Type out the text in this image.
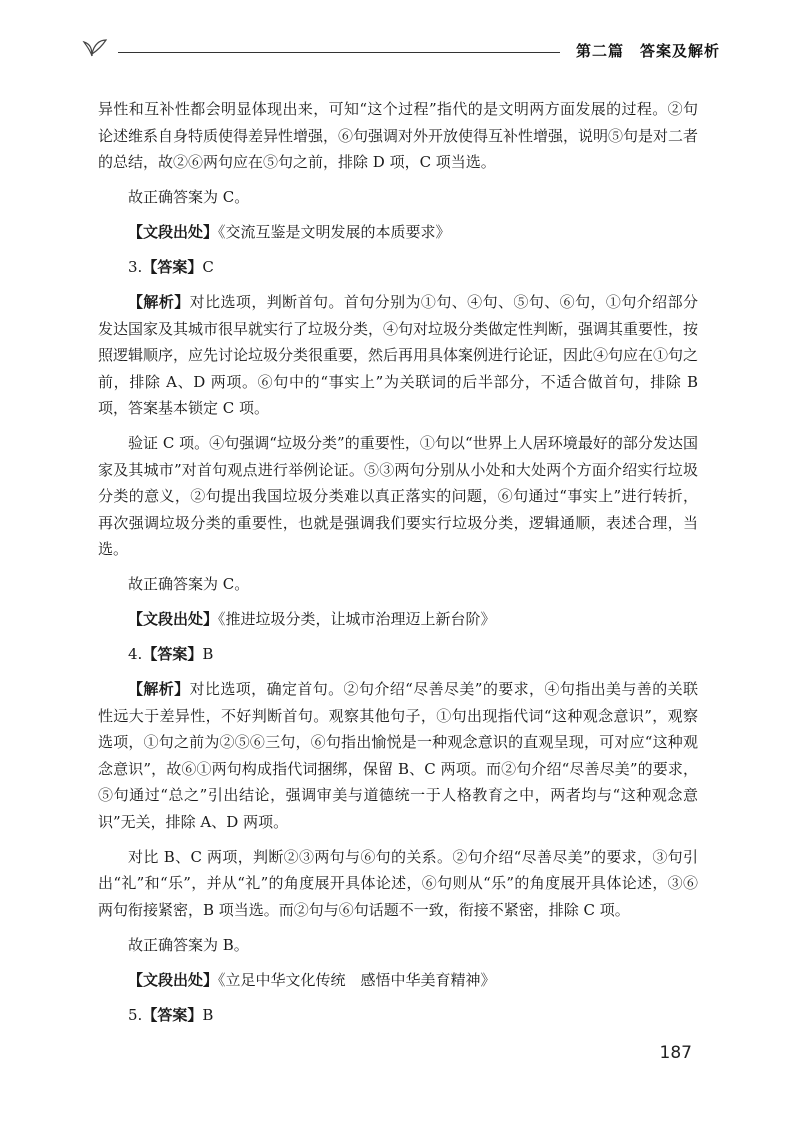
第二篇　答案及解析

异性和互补性都会明显体现出来，可知“这个过程”指代的是文明两方面发展的过程。②句论述维系自身特质使得差异性增强，⑥句强调对外开放使得互补性增强，说明⑤句是对二者的总结，故②⑥两句应在⑤句之前，排除 D 项，C 项当选。

故正确答案为 C。

【文段出处】《交流互鉴是文明发展的本质要求》

3.【答案】C

【解析】对比选项，判断首句。首句分别为①句、④句、⑤句、⑥句，①句介绍部分发达国家及其城市很早就实行了垃圾分类，④句对垃圾分类做定性判断，强调其重要性，按照逻辑顺序，应先讨论垃圾分类很重要，然后再用具体案例进行论证，因此④句应在①句之前，排除 A、D 两项。⑥句中的“事实上”为关联词的后半部分，不适合做首句，排除 B 项，答案基本锁定 C 项。

验证 C 项。④句强调“垃圾分类”的重要性，①句以“世界上人居环境最好的部分发达国家及其城市”对首句观点进行举例论证。⑤③两句分别从小处和大处两个方面介绍实行垃圾分类的意义，②句提出我国垃圾分类难以真正落实的问题，⑥句通过“事实上”进行转折，再次强调垃圾分类的重要性，也就是强调我们要实行垃圾分类，逻辑通顺，表述合理，当选。

故正确答案为 C。

【文段出处】《推进垃圾分类，让城市治理迈上新台阶》

4.【答案】B

【解析】对比选项，确定首句。②句介绍“尽善尽美”的要求，④句指出美与善的关联性远大于差异性，不好判断首句。观察其他句子，①句出现指代词“这种观念意识”，观察选项，①句之前为②⑤⑥三句，⑥句指出愉悦是一种观念意识的直观呈现，可对应“这种观念意识”，故⑥①两句构成指代词捆绑，保留 B、C 两项。而②句介绍“尽善尽美”的要求，⑤句通过“总之”引出结论，强调审美与道德统一于人格教育之中，两者均与“这种观念意识”无关，排除 A、D 两项。

对比 B、C 两项，判断②③两句与⑥句的关系。②句介绍“尽善尽美”的要求，③句引出“礼”和“乐”，并从“礼”的角度展开具体论述，⑥句则从“乐”的角度展开具体论述，③⑥两句衔接紧密，B 项当选。而②句与⑥句话题不一致，衔接不紧密，排除 C 项。

故正确答案为 B。

【文段出处】《立足中华文化传统　感悟中华美育精神》

5.【答案】B

187
